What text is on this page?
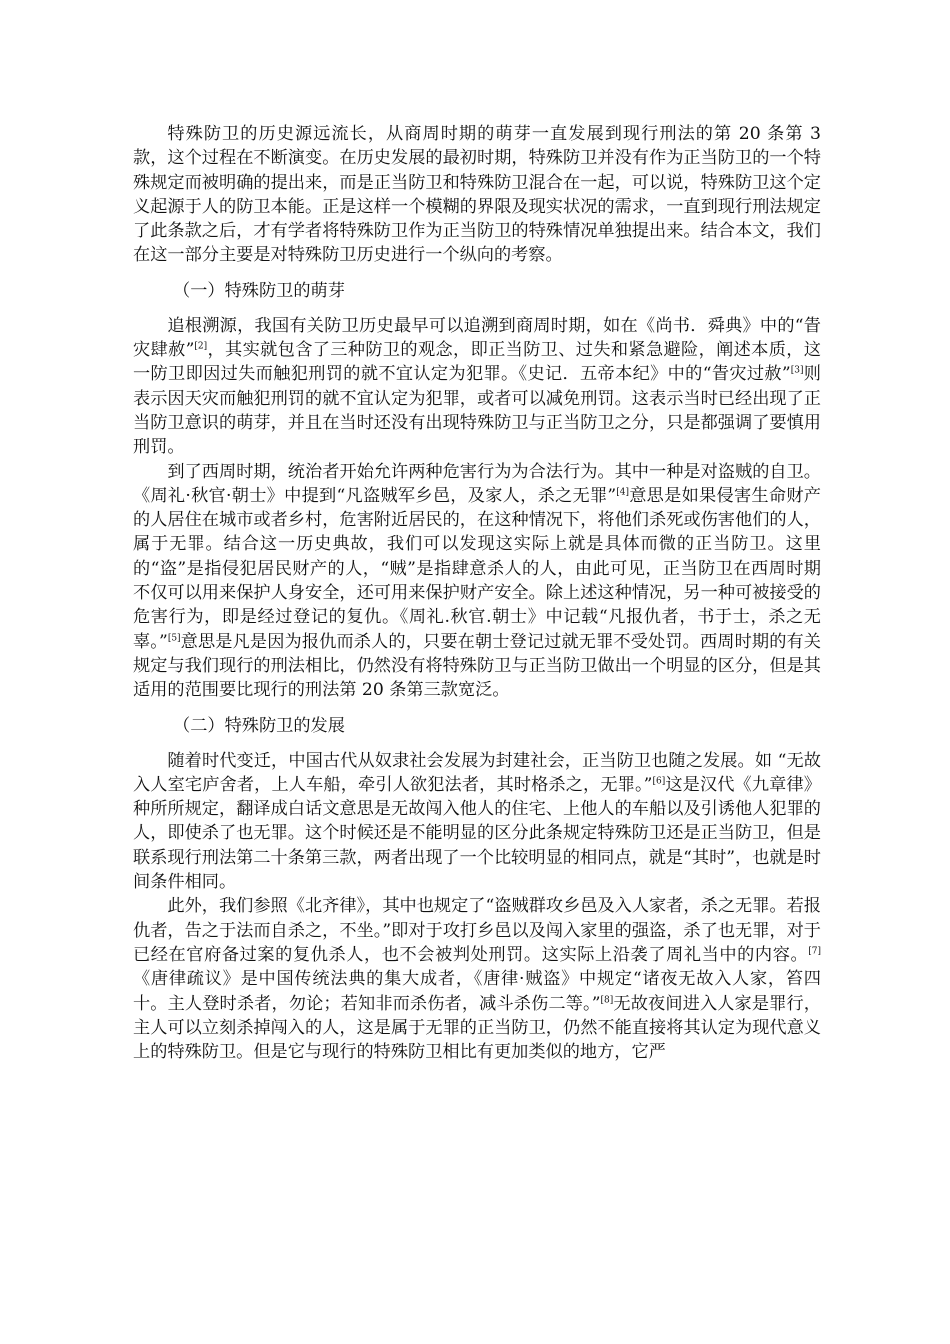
特殊防卫的历史源远流长，从商周时期的萌芽一直发展到现行刑法的第 20 条第 3 款，这个过程在不断演变。在历史发展的最初时期，特殊防卫并没有作为正当防卫的一个特殊规定而被明确的提出来，而是正当防卫和特殊防卫混合在一起，可以说，特殊防卫这个定义起源于人的防卫本能。正是这样一个模糊的界限及现实状况的需求，一直到现行刑法规定了此条款之后，才有学者将特殊防卫作为正当防卫的特殊情况单独提出来。结合本文，我们在这一部分主要是对特殊防卫历史进行一个纵向的考察。

（一）特殊防卫的萌芽

追根溯源，我国有关防卫历史最早可以追溯到商周时期，如在《尚书．舜典》中的“眚灾肆赦”[2]，其实就包含了三种防卫的观念，即正当防卫、过失和紧急避险，阐述本质，这一防卫即因过失而触犯刑罚的就不宜认定为犯罪。《史记．五帝本纪》中的“眚灾过赦”[3]则表示因天灾而触犯刑罚的就不宜认定为犯罪，或者可以减免刑罚。这表示当时已经出现了正当防卫意识的萌芽，并且在当时还没有出现特殊防卫与正当防卫之分，只是都强调了要慎用刑罚。

到了西周时期，统治者开始允许两种危害行为为合法行为。其中一种是对盗贼的自卫。《周礼·秋官·朝士》中提到“凡盗贼军乡邑，及家人，杀之无罪”[4]意思是如果侵害生命财产的人居住在城市或者乡村，危害附近居民的，在这种情况下，将他们杀死或伤害他们的人，属于无罪。结合这一历史典故，我们可以发现这实际上就是具体而微的正当防卫。这里的“盗”是指侵犯居民财产的人，“贼”是指肆意杀人的人，由此可见，正当防卫在西周时期不仅可以用来保护人身安全，还可用来保护财产安全。除上述这种情况，另一种可被接受的危害行为，即是经过登记的复仇。《周礼.秋官.朝士》中记载“凡报仇者，书于士，杀之无辜。”[5]意思是凡是因为报仇而杀人的，只要在朝士登记过就无罪不受处罚。西周时期的有关规定与我们现行的刑法相比，仍然没有将特殊防卫与正当防卫做出一个明显的区分，但是其适用的范围要比现行的刑法第 20 条第三款宽泛。

（二）特殊防卫的发展

随着时代变迁，中国古代从奴隶社会发展为封建社会，正当防卫也随之发展。如 “无故入人室宅庐舍者，上人车船，牵引人欲犯法者，其时格杀之，无罪。”[6]这是汉代《九章律》种所所规定，翻译成白话文意思是无故闯入他人的住宅、上他人的车船以及引诱他人犯罪的人，即使杀了也无罪。这个时候还是不能明显的区分此条规定特殊防卫还是正当防卫，但是联系现行刑法第二十条第三款，两者出现了一个比较明显的相同点，就是“其时”，也就是时间条件相同。

此外，我们参照《北齐律》，其中也规定了“盗贼群攻乡邑及入人家者，杀之无罪。若报仇者，告之于法而自杀之，不坐。”即对于攻打乡邑以及闯入家里的强盗，杀了也无罪，对于已经在官府备过案的复仇杀人，也不会被判处刑罚。这实际上沿袭了周礼当中的内容。[7]《唐律疏议》是中国传统法典的集大成者，《唐律·贼盗》中规定“诸夜无故入人家，笞四十。主人登时杀者，勿论；若知非而杀伤者，减斗杀伤二等。”[8]无故夜间进入人家是罪行，主人可以立刻杀掉闯入的人，这是属于无罪的正当防卫，仍然不能直接将其认定为现代意义上的特殊防卫。但是它与现行的特殊防卫相比有更加类似的地方，它严
